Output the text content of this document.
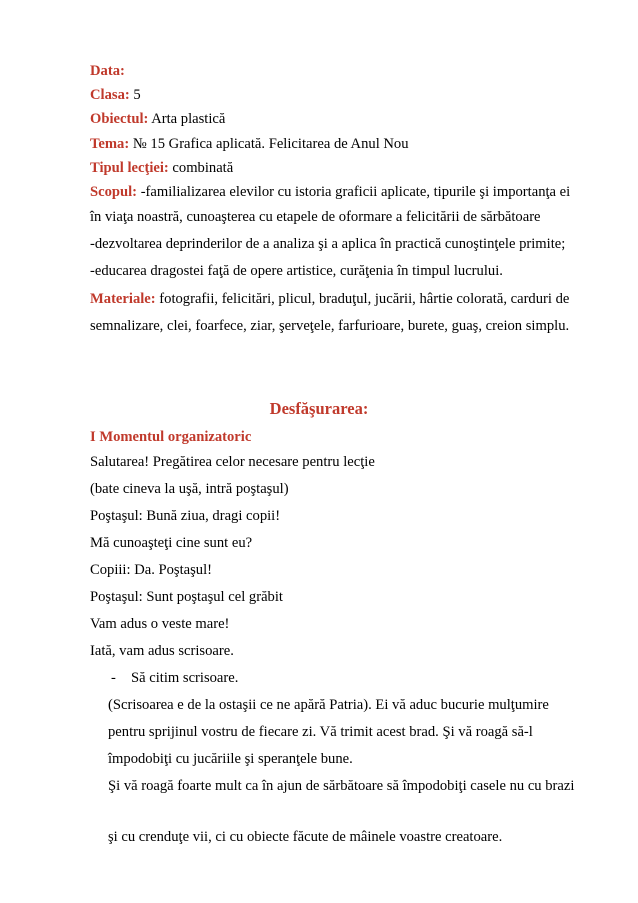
Data:
Clasa: 5
Obiectul: Arta plastică
Tema: № 15 Grafica aplicată. Felicitarea de Anul Nou
Tipul lecţiei: combinată
Scopul: -familializarea elevilor cu istoria graficii aplicate, tipurile şi importanţa ei
în viaţa noastră, cunoaşterea cu etapele de oformare a felicitării de sărbătoare
-dezvoltarea deprinderilor de a analiza şi a aplica în practică cunoştinţele primite;
-educarea dragostei faţă de opere artistice, curăţenia în timpul lucrului.
Materiale: fotografii, felicitări, plicul, braduţul, jucării, hârtie colorată, carduri de
semnalizare, clei, foarfece, ziar, şerveţele, farfurioare, burete, guaş, creion simplu.
Desfăşurarea:
I Momentul organizatoric
Salutarea! Pregătirea celor necesare pentru lecţie
(bate cineva la uşă, intră poştaşul)
Poştaşul: Bună ziua, dragi copii!
Mă cunoaşteţi cine sunt eu?
Copiii: Da. Poştaşul!
Poştaşul: Sunt poştaşul cel grăbit
Vam adus o veste mare!
Iată, vam adus scrisoare.
- Să citim scrisoare.
(Scrisoarea e de la ostaşii ce ne apără Patria). Ei vă aduc bucurie mulţumire
pentru sprijinul vostru de fiecare zi. Vă trimit acest brad. Şi vă roagă să-l
împodobiţi cu jucăriile şi speranţele bune.
Şi vă roagă foarte mult ca în ajun de sărbătoare să împodobiţi casele nu cu brazi
şi cu crenduţe vii, ci cu obiecte făcute de mâinele voastre creatoare.
